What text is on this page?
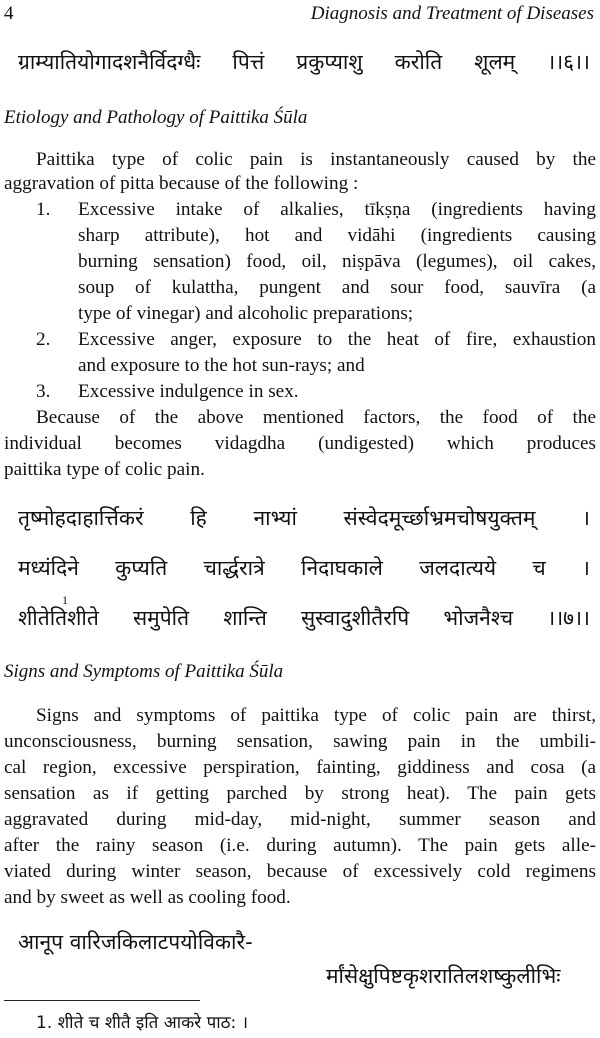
4	Diagnosis and Treatment of Diseases
ग्राम्यातियोगादशनैर्विदग्धैः पित्तं प्रकुप्याशु करोति शूलम् ।।६।।
Etiology and Pathology of Paittika Śūla
Paittika type of colic pain is instantaneously caused by the
aggravation of pitta because of the following :
1. Excessive intake of alkalies, tīkṣṇa (ingredients having
sharp attribute), hot and vidāhi (ingredients causing
burning sensation) food, oil, niṣpāva (legumes), oil cakes,
soup of kulattha, pungent and sour food, sauvīra (a
type of vinegar) and alcoholic preparations;
2. Excessive anger, exposure to the heat of fire, exhaustion
and exposure to the hot sun-rays; and
3. Excessive indulgence in sex.
Because of the above mentioned factors, the food of the
individual becomes vidagdha (undigested) which produces
paittika type of colic pain.
तृष्मोहदाहार्त्तिकरं हि नाभ्यां संस्वेदमूर्च्छाभ्रमचोषयुक्तम् ।
मध्यंदिने कुप्यति चार्द्धरात्रे निदाघकाले जलदात्यये च ।
1
शीतेतिशीते समुपेति शान्ति सुस्वादुशीतैरपि भोजनैश्च ।।७।।
Signs and Symptoms of Paittika Śūla
Signs and symptoms of paittika type of colic pain are thirst,
unconsciousness, burning sensation, sawing pain in the umbili-
cal region, excessive perspiration, fainting, giddiness and cosa (a
sensation as if getting parched by strong heat). The pain gets
aggravated during mid-day, mid-night, summer season and
after the rainy season (i.e. during autumn). The pain gets alle-
viated during winter season, because of excessively cold regimens
and by sweet as well as cooling food.
आनूप वारिजकिलाटपयोविकारै-
र्मांसेक्षुपिष्टकृशरातिलशष्कुलीभिः
1. शीते च शीतै इति आकरे पाठ: ।
